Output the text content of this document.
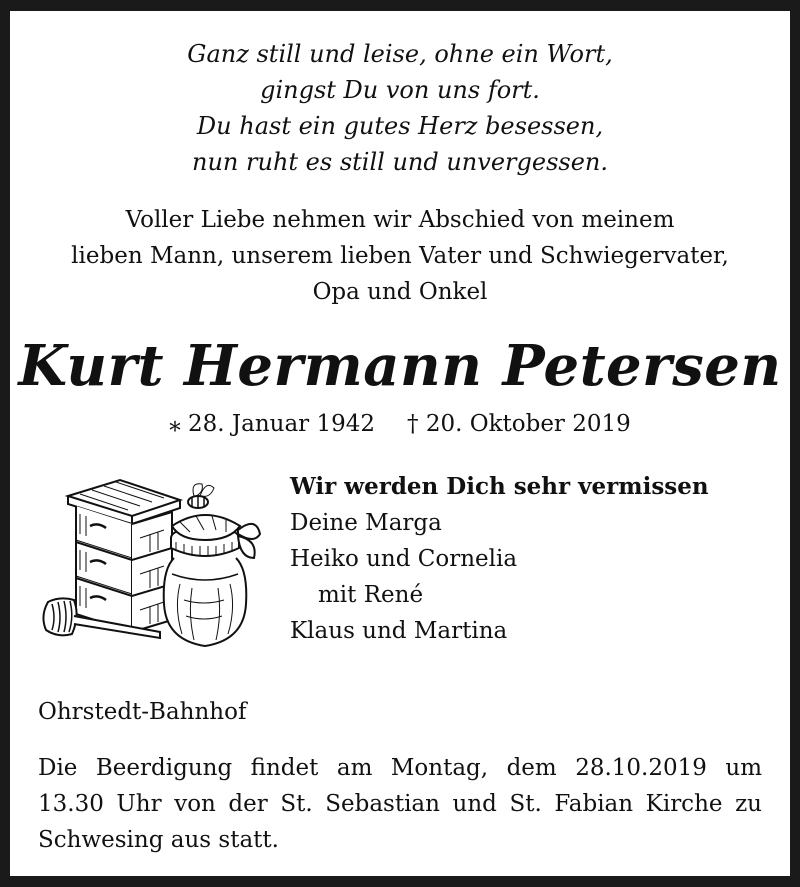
Ganz still und leise, ohne ein Wort,
gingst Du von uns fort.
Du hast ein gutes Herz besessen,
nun ruht es still und unvergessen.
Voller Liebe nehmen wir Abschied von meinem
lieben Mann, unserem lieben Vater und Schwiegervater,
Opa und Onkel
Kurt Hermann Petersen
⁎ 28. Januar 1942 † 20. Oktober 2019
Wir werden Dich sehr vermissen
Deine Marga
Heiko und Cornelia
mit René
Klaus und Martina
Ohrstedt-Bahnhof
Die Beerdigung findet am Montag, dem 28.10.2019 um
13.30 Uhr von der St. Sebastian und St. Fabian Kirche zu
Schwesing aus statt.
